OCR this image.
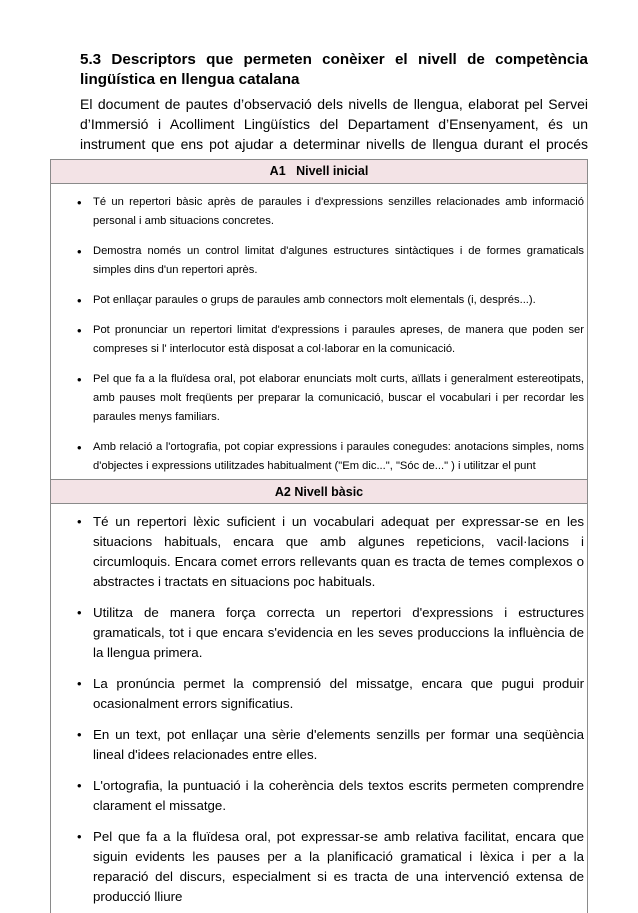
5.3 Descriptors que permeten conèixer el nivell de competència lingüística en llengua catalana

El document de pautes d’observació dels nivells de llengua, elaborat pel Servei d’Immersió i Acolliment Lingüístics del Departament d’Ensenyament, és un instrument que ens pot ajudar a determinar nivells de llengua durant el procés

A1   Nivell inicial
• Té un repertori bàsic après de paraules i d'expressions senzilles relacionades amb informació personal i amb situacions concretes.
• Demostra només un control limitat d'algunes estructures sintàctiques i de formes gramaticals simples dins d'un repertori après.
• Pot enllaçar paraules o grups de paraules amb connectors molt elementals (i, després...).
• Pot pronunciar un repertori limitat d'expressions i paraules apreses, de manera que poden ser compreses si l' interlocutor està disposat a col·laborar en la comunicació.
• Pel que fa a la fluïdesa oral, pot elaborar enunciats molt curts, aïllats i generalment estereotipats, amb pauses molt freqüents per preparar la comunicació, buscar el vocabulari i per recordar les paraules menys familiars.
• Amb relació a l'ortografia, pot copiar expressions i paraules conegudes: anotacions simples, noms d'objectes i expressions utilitzades habitualment ("Em dic...", "Sóc de..." ) i utilitzar el punt
A2 Nivell bàsic
• Té un repertori lèxic suficient i un vocabulari adequat per expressar-se en les situacions habituals, encara que amb algunes repeticions, vacil·lacions i circumloquis. Encara comet errors rellevants quan es tracta de temes complexos o abstractes i tractats en situacions poc habituals.
• Utilitza de manera força correcta un repertori d'expressions i estructures gramaticals, tot i que encara s'evidencia en les seves produccions la influència de la llengua primera.
• La pronúncia permet la comprensió del missatge, encara que pugui produir ocasionalment errors significatius.
• En un text, pot enllaçar una sèrie d'elements senzills per formar una seqüència lineal d'idees relacionades entre elles.
• L'ortografia, la puntuació i la coherència dels textos escrits permeten comprendre clarament el missatge.
• Pel que fa a la fluïdesa oral, pot expressar-se amb relativa facilitat, encara que siguin evidents les pauses per a la planificació gramatical i lèxica i per a la reparació del discurs, especialment si es tracta de una intervenció extensa de producció lliure
